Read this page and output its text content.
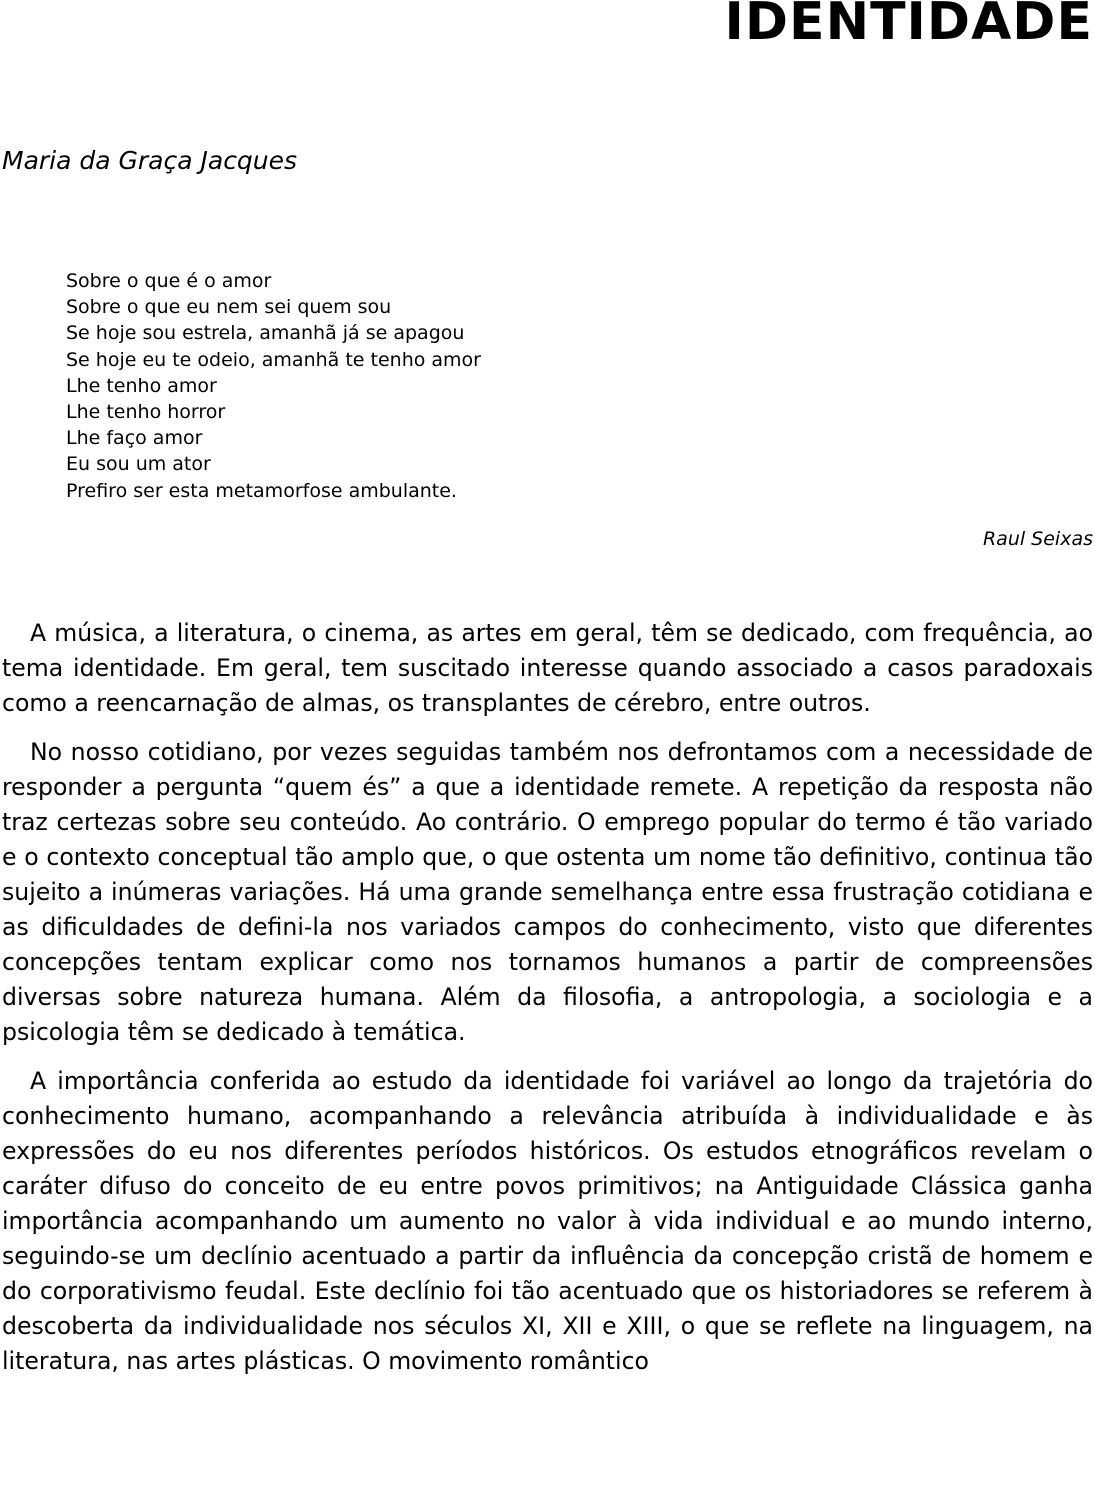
IDENTIDADE

Maria da Graça Jacques

Sobre o que é o amor
Sobre o que eu nem sei quem sou
Se hoje sou estrela, amanhã já se apagou
Se hoje eu te odeio, amanhã te tenho amor
Lhe tenho amor
Lhe tenho horror
Lhe faço amor
Eu sou um ator
Prefiro ser esta metamorfose ambulante.

Raul Seixas

A música, a literatura, o cinema, as artes em geral, têm se dedicado, com frequência, ao tema identidade. Em geral, tem suscitado interesse quando associado a casos paradoxais como a reencarnação de almas, os transplantes de cérebro, entre outros.

No nosso cotidiano, por vezes seguidas também nos defrontamos com a necessidade de responder a pergunta “quem és” a que a identidade remete. A repetição da resposta não traz certezas sobre seu conteúdo. Ao contrário. O emprego popular do termo é tão variado e o contexto conceptual tão amplo que, o que ostenta um nome tão definitivo, continua tão sujeito a inúmeras variações. Há uma grande semelhança entre essa frustração cotidiana e as dificuldades de defini-la nos variados campos do conhecimento, visto que diferentes concepções tentam explicar como nos tornamos humanos a partir de compreensões diversas sobre natureza humana. Além da filosofia, a antropologia, a sociologia e a psicologia têm se dedicado à temática.

A importância conferida ao estudo da identidade foi variável ao longo da trajetória do conhecimento humano, acompanhando a relevância atribuída à individualidade e às expressões do eu nos diferentes períodos históricos. Os estudos etnográficos revelam o caráter difuso do conceito de eu entre povos primitivos; na Antiguidade Clássica ganha importância acompanhando um aumento no valor à vida individual e ao mundo interno, seguindo-se um declínio acentuado a partir da influência da concepção cristã de homem e do corporativismo feudal. Este declínio foi tão acentuado que os historiadores se referem à descoberta da individualidade nos séculos XI, XII e XIII, o que se reflete na linguagem, na literatura, nas artes plásticas. O movimento romântico
